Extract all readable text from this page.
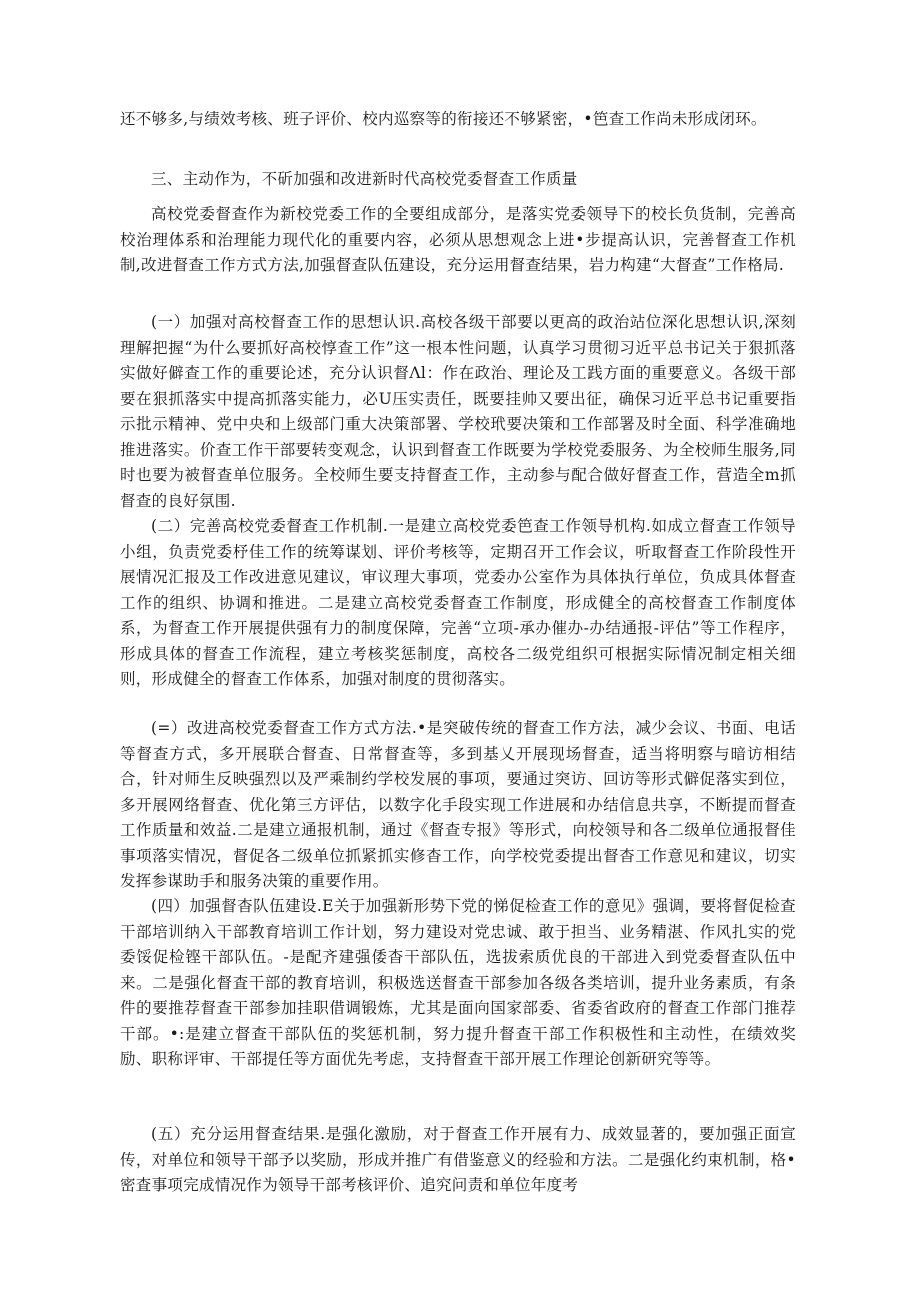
还不够多,与绩效考核、班子评价、校内巡察等的衔接还不够紧密，•笆查工作尚未形成闭环。

三、主动作为，不斫加强和改进新时代高校党委督查工作质量

高校党委督查作为新校党委工作的全要组成部分，是落实党委领导下的校长负货制，完善高校治理体系和治理能力现代化的重要内容，必须从思想观念上进•步提高认识，完善督查工作机制,改进督查工作方式方法,加强督查队伍建设，充分运用督查结果，岩力构建“大督查”工作格局.

(一）加强对高校督查工作的思想认识.高校各级干部要以更高的政治站位深化思想认识,深刻理解把握“为什么要抓好高校惇查工作”这一根本性问题，认真学习贯彻习近平总书记关于狠抓落实做好僻查工作的重要论述，充分认识督Λl：作在政治、理论及工践方面的重要意义。各级干部要在狠抓落实中提高抓落实能力，必U压实责任，既要挂帅又要出征，确保习近平总书记重要指示批示精神、党中央和上级部门重大决策部署、学校玳要决策和工作部署及时全面、科学准确地推进落实。价查工作干部要转变观念，认识到督查工作既要为学校党委服务、为全校师生服务,同时也要为被督查单位服务。全校师生要支持督查工作，主动参与配合做好督查工作，营造全m抓督查的良好氛围.

(二）完善高校党委督查工作机制.一是建立高校党委笆查工作领导机构.如成立督查工作领导小组，负责党委杼佳工作的统筹谋划、评价考核等，定期召开工作会议，听取督查工作阶段性开展情况汇报及工作改进意见建议，审议理大事项，党委办公室作为具体执行单位，负成具体督查工作的组织、协调和推进。二是建立高校党委督查工作制度，形成健全的高校督查工作制度体系，为督查工作开展提供强有力的制度保障，完善“立项-承办催办-办结通报-评估”等工作程序，形成具体的督查工作流程，建立考核奖惩制度，高校各二级党组织可根据实际情况制定相关细则，形成健全的督查工作体系，加强对制度的贯彻落实。

(=）改进高校党委督查工作方式方法.•是突破传统的督查工作方法，减少会议、书面、电话等督查方式，多开展联合督查、日常督查等，多到基乂开展现场督查，适当将明察与暗访相结合，针对师生反映强烈以及严乘制约学校发展的事项，要通过突访、回访等形式僻促落实到位，多开展网络督查、优化第三方评估，以数字化手段实现工作进展和办结信息共享，不断提而督查工作质量和效益.二是建立通报机制，通过《督查专报》等形式，向校领导和各二级单位通报督佳事项落实情况，督促各二级单位抓紧抓实修杳工作，向学校党委提出督杳工作意见和建议，切实发挥参谋助手和服务决策的重要作用。

(四）加强督杳队伍建设.E关于加强新形势下党的悌促检查工作的意见》强调，要将督促检查干部培训纳入干部教育培训工作计划，努力建设对党忠诚、敢于担当、业务精湛、作风扎实的党委馁促检铿干部队伍。-是配齐建强倭杳干部队伍，选拔索质优良的干部进入到党委督查队伍中来。二是强化督査干部的教育培训，积极选送督查干部参加各级各类培训，提升业务素质，有条件的要推荐督查干部参加挂职借调锻炼，尤其是面向国家部委、省委省政府的督查工作部门推荐干部。•:是建立督查干部队伍的奖惩机制，努力提升督查干部工作积极性和主动性，在绩效奖励、职称评审、干部提任等方面优先考虑，支持督查干部开展工作理论创新研究等等。

(五）充分运用督查结果.是强化激励，对于督查工作开展有力、成效显著的，要加强正面宣传，对单位和领导干部予以奖励，形成并推广有借鉴意义的经验和方法。二是强化约束机制，格•密査事项完成情况作为领导干部考核评价、追究问责和单位年度考
